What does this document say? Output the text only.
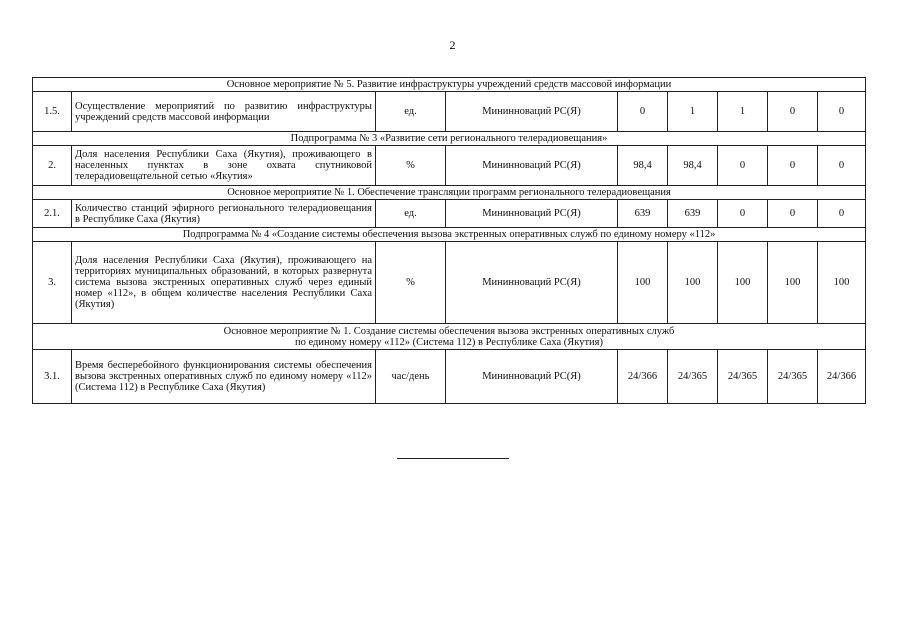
2
Основное мероприятие № 5. Развитие инфраструктуры учреждений средств массовой информации								
1.5.	Осуществление мероприятий по развитию инфраструктуры учреждений средств массовой информации	ед.	Мининноваций РС(Я)	0	1	1	0	0
Подпрограмма № 3 «Развитие сети регионального телерадиовещания»								
2.	Доля населения Республики Саха (Якутия), проживающего в населенных пунктах в зоне охвата спутниковой телерадиовещательной сетью «Якутия»	%	Мининноваций РС(Я)	98,4	98,4	0	0	0
Основное мероприятие № 1. Обеспечение трансляции программ регионального телерадиовещания								
2.1.	Количество станций эфирного регионального телерадиовещания в Республике Саха (Якутия)	ед.	Мининноваций РС(Я)	639	639	0	0	0
Подпрограмма № 4 «Создание системы обеспечения вызова экстренных оперативных служб по единому номеру «112»								
3.	Доля населения Республики Саха (Якутия), проживающего на территориях муниципальных образований, в которых развернута система вызова экстренных оперативных служб через единый номер «112», в общем количестве населения Республики Саха (Якутия)	%	Мининноваций РС(Я)	100	100	100	100	100

Основное мероприятие № 1. Создание системы обеспечения вызова экстренных оперативных служб
по единому номеру «112» (Система 112) в Республике Саха (Якутия)								

3.1.	Время бесперебойного функционирования системы обеспечения вызова экстренных оперативных служб по единому номеру «112» (Система 112) в Республике Саха (Якутия)	час/день	Мининноваций РС(Я)	24/366	24/365	24/365	24/365	24/366
